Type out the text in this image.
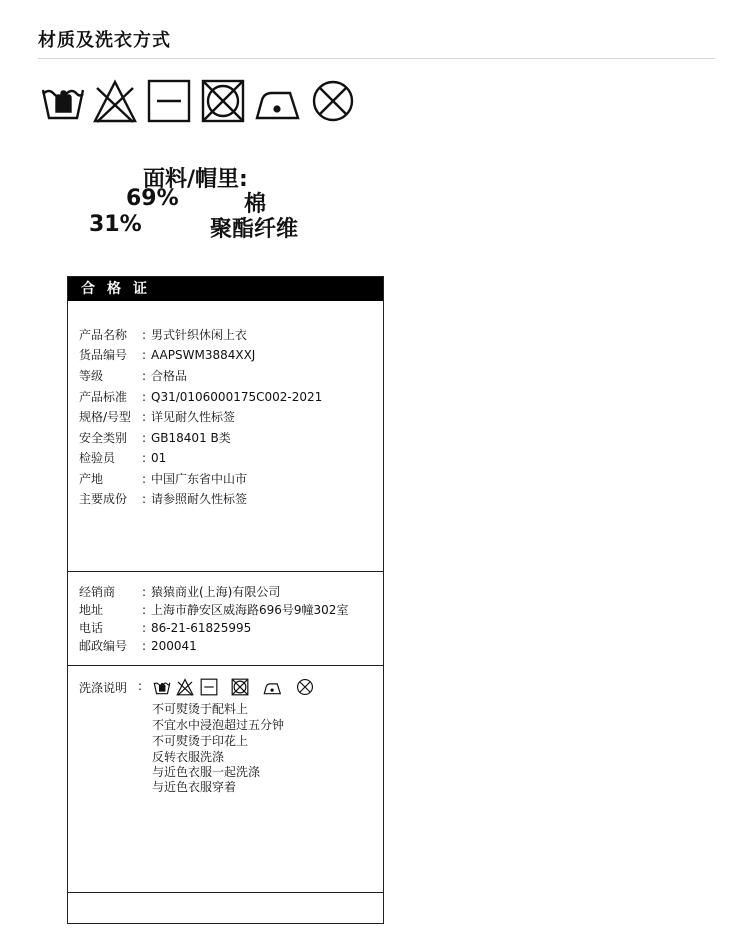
材质及洗衣方式
面料/帽里:
69%	棉
31%	聚酯纤维
合格证
产品名称 : 男式针织休闲上衣
货品编号 : AAPSWM3884XXJ
等级	: 合格品
产品标准 : Q31/0106000175C002-2021
规格/号型 : 详见耐久性标签
安全类别 : GB18401 B类
检验员 : 01
产地	: 中国广东省中山市
主要成份 : 请参照耐久性标签
经销商 : 猿猿商业(上海)有限公司
地址	: 上海市静安区威海路696号9幢302室
电话	: 86-21-61825995
邮政编号 : 200041
洗涤说明 :
不可熨烫于配料上
不宜水中浸泡超过五分钟
不可熨烫于印花上
反转衣服洗涤
与近色衣服一起洗涤
与近色衣服穿着
